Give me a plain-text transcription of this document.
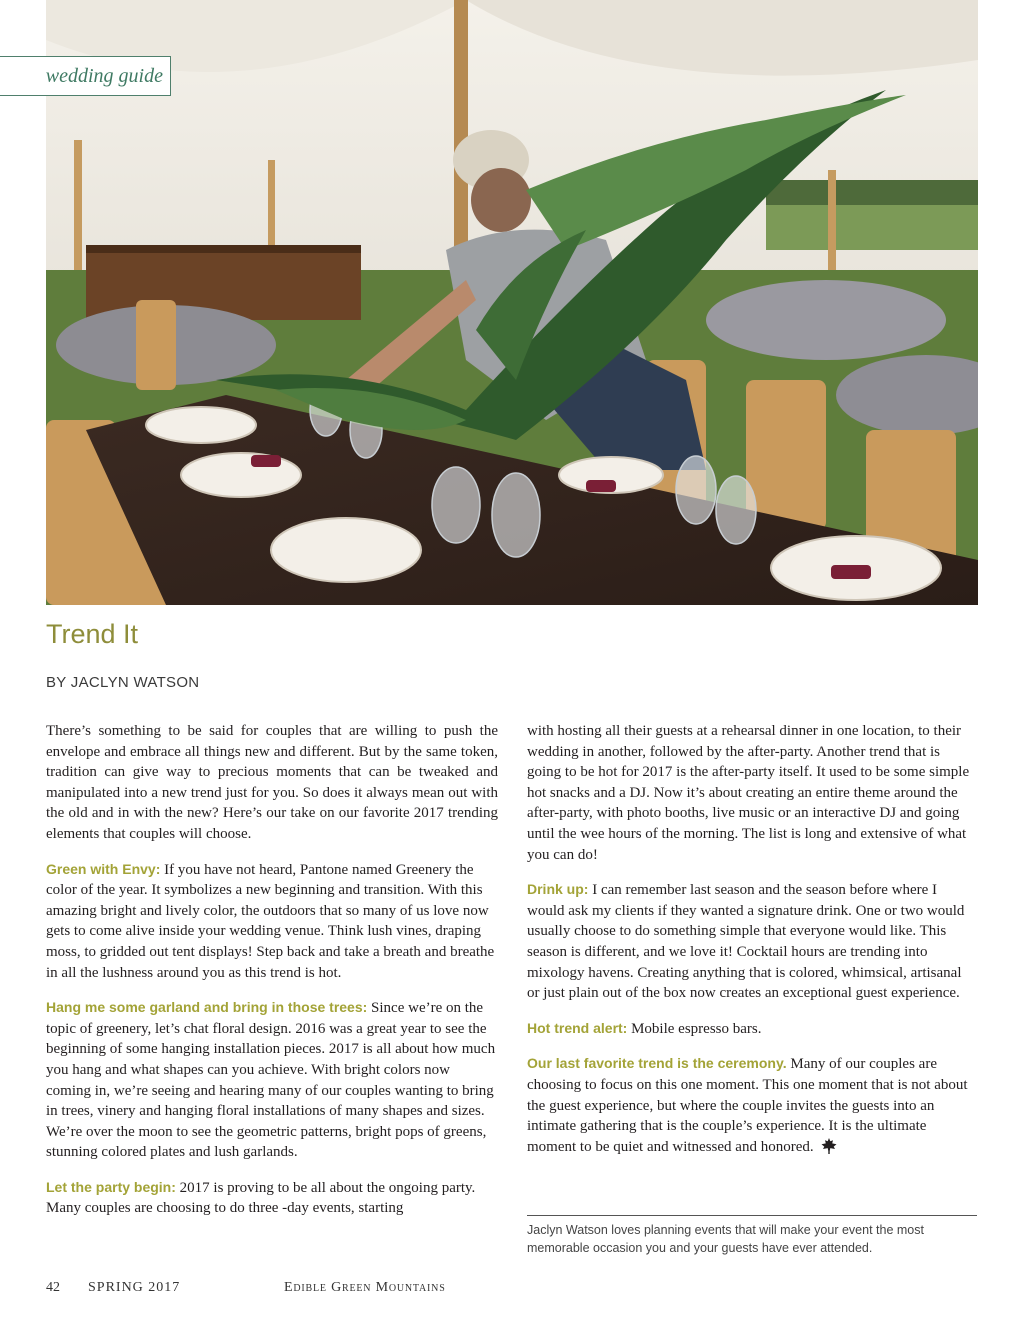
wedding guide
Trend It
BY JACLYN WATSON

There’s something to be said for couples that are willing to push the envelope and embrace all things new and different. But by the same token, tradition can give way to precious moments that can be tweaked and manipulated into a new trend just for you. So does it always mean out with the old and in with the new? Here’s our take on our favorite 2017 trending elements that couples will choose.

Green with Envy: If you have not heard, Pantone named Greenery the color of the year. It symbolizes a new beginning and transition. With this amazing bright and lively color, the outdoors that so many of us love now gets to come alive inside your wedding venue. Think lush vines, draping moss, to gridded out tent displays! Step back and take a breath and breathe in all the lushness around you as this trend is hot.

Hang me some garland and bring in those trees: Since we’re on the topic of greenery, let’s chat floral design. 2016 was a great year to see the beginning of some hanging installation pieces. 2017 is all about how much you hang and what shapes can you achieve. With bright colors now coming in, we’re seeing and hearing many of our couples wanting to bring in trees, vinery and hanging floral installations of many shapes and sizes. We’re over the moon to see the geometric patterns, bright pops of greens, stunning colored plates and lush garlands.

Let the party begin: 2017 is proving to be all about the ongoing party. Many couples are choosing to do three -day events, starting

with hosting all their guests at a rehearsal dinner in one location, to their wedding in another, followed by the after-party. Another trend that is going to be hot for 2017 is the after-party itself. It used to be some simple hot snacks and a DJ. Now it’s about creating an entire theme around the after-party, with photo booths, live music or an interactive DJ and going until the wee hours of the morning. The list is long and extensive of what you can do!

Drink up: I can remember last season and the season before where I would ask my clients if they wanted a signature drink. One or two would usually choose to do something simple that everyone would like. This season is different, and we love it! Cocktail hours are trending into mixology havens. Creating anything that is colored, whimsical, artisanal or just plain out of the box now creates an exceptional guest experience.

Hot trend alert: Mobile espresso bars.

Our last favorite trend is the ceremony. Many of our couples are choosing to focus on this one moment. This one moment that is not about the guest experience, but where the couple invites the guests into an intimate gathering that is the couple’s experience. It is the ultimate moment to be quiet and witnessed and honored.

Jaclyn Watson loves planning events that will make your event the most memorable occasion you and your guests have ever attended.
42 SPRING 2017	Edible Green Mountains
